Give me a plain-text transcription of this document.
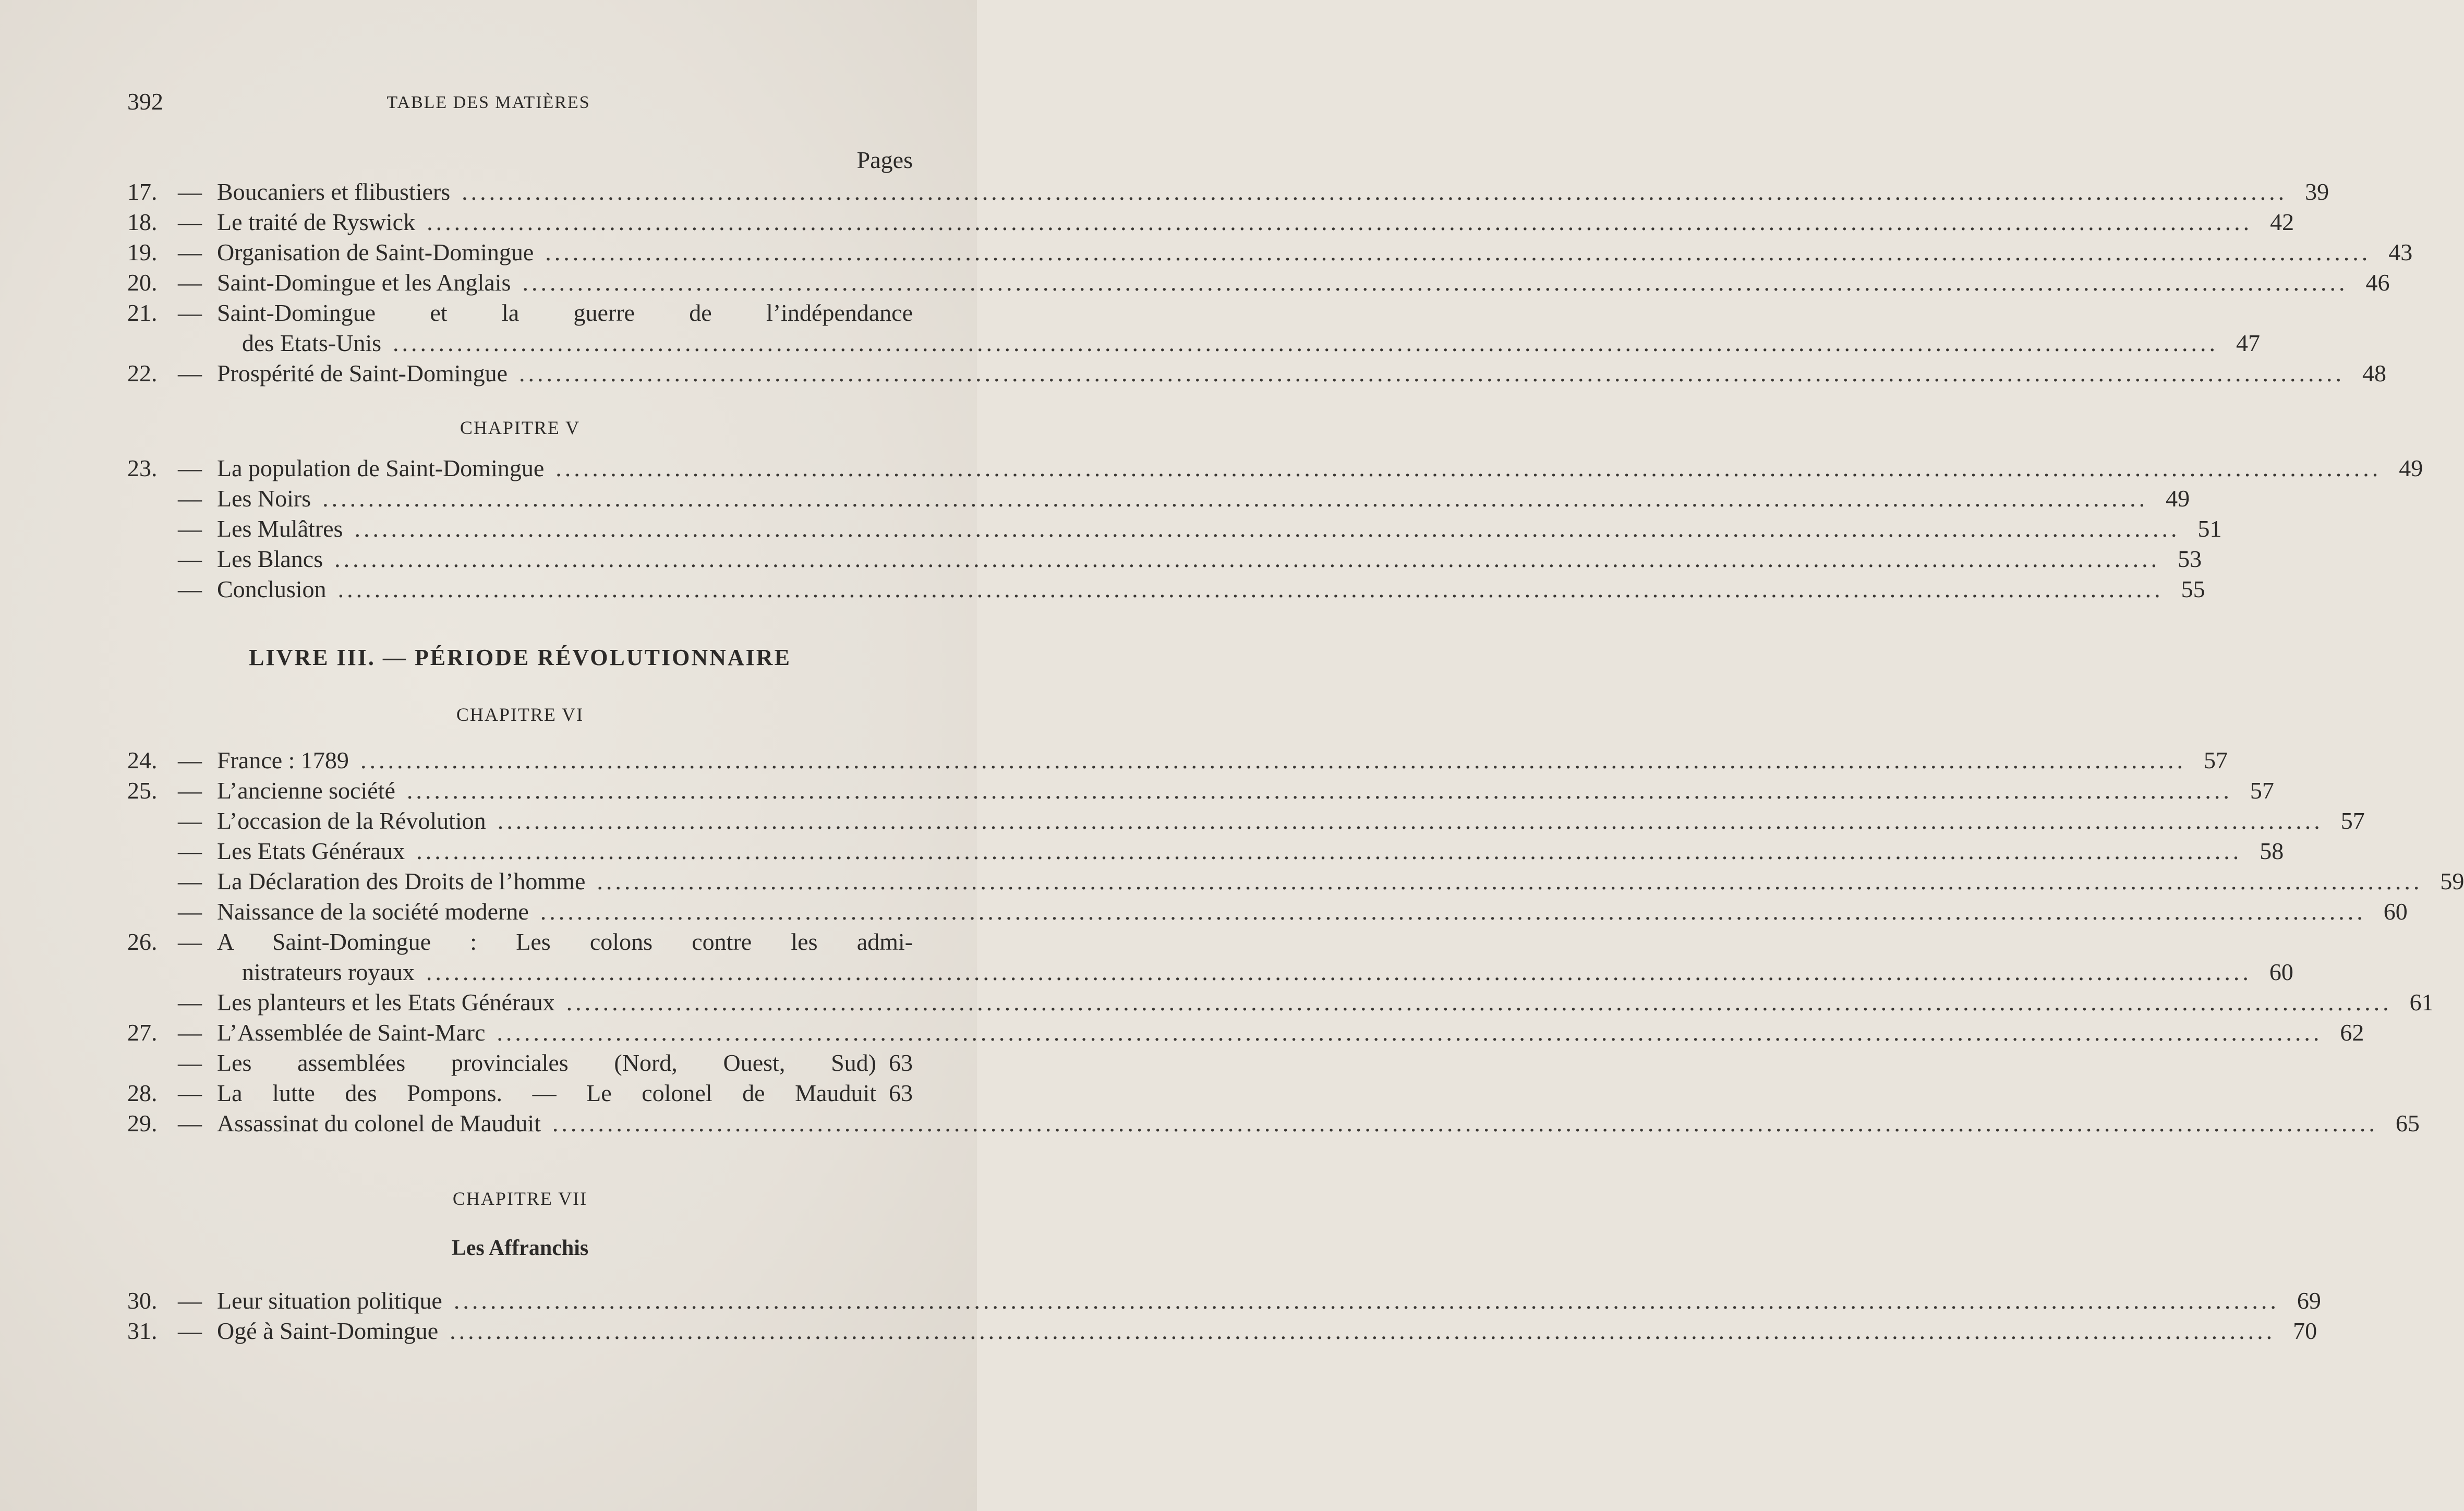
392	TABLE DES MATIÈRES
Pages
17. — Boucaniers et flibustiers ........................................................................................................................................................................................................ 39
18. — Le traité de Ryswick ........................................................................................................................................................................................................ 42
19. — Organisation de Saint-Domingue ........................................................................................................................................................................................................ 43
20. — Saint-Domingue et les Anglais ........................................................................................................................................................................................................ 46
21. — Saint-Domingue et la guerre de l’indépendance
des Etats-Unis ........................................................................................................................................................................................................ 47
22. — Prospérité de Saint-Domingue ........................................................................................................................................................................................................ 48
CHAPITRE V
23. — La population de Saint-Domingue ........................................................................................................................................................................................................ 49
— Les Noirs ........................................................................................................................................................................................................ 49
— Les Mulâtres ........................................................................................................................................................................................................ 51
— Les Blancs ........................................................................................................................................................................................................ 53
— Conclusion ........................................................................................................................................................................................................ 55
LIVRE III. — PÉRIODE RÉVOLUTIONNAIRE
CHAPITRE VI
24. — France : 1789 ........................................................................................................................................................................................................ 57
25. — L’ancienne société ........................................................................................................................................................................................................ 57
— L’occasion de la Révolution ........................................................................................................................................................................................................ 57
— Les Etats Généraux ........................................................................................................................................................................................................ 58
— La Déclaration des Droits de l’homme ........................................................................................................................................................................................................ 59
— Naissance de la société moderne ........................................................................................................................................................................................................ 60
26. — A Saint-Domingue : Les colons contre les admi-
nistrateurs royaux ........................................................................................................................................................................................................ 60
— Les planteurs et les Etats Généraux ........................................................................................................................................................................................................ 61
27. — L’Assemblée de Saint-Marc ........................................................................................................................................................................................................ 62
— Les assemblées provinciales (Nord, Ouest, Sud) 63
28. — La lutte des Pompons. — Le colonel de Mauduit 63
29. — Assassinat du colonel de Mauduit ........................................................................................................................................................................................................ 65
CHAPITRE VII
Les Affranchis
30. — Leur situation politique ........................................................................................................................................................................................................ 69
31. — Ogé à Saint-Domingue ........................................................................................................................................................................................................ 70
